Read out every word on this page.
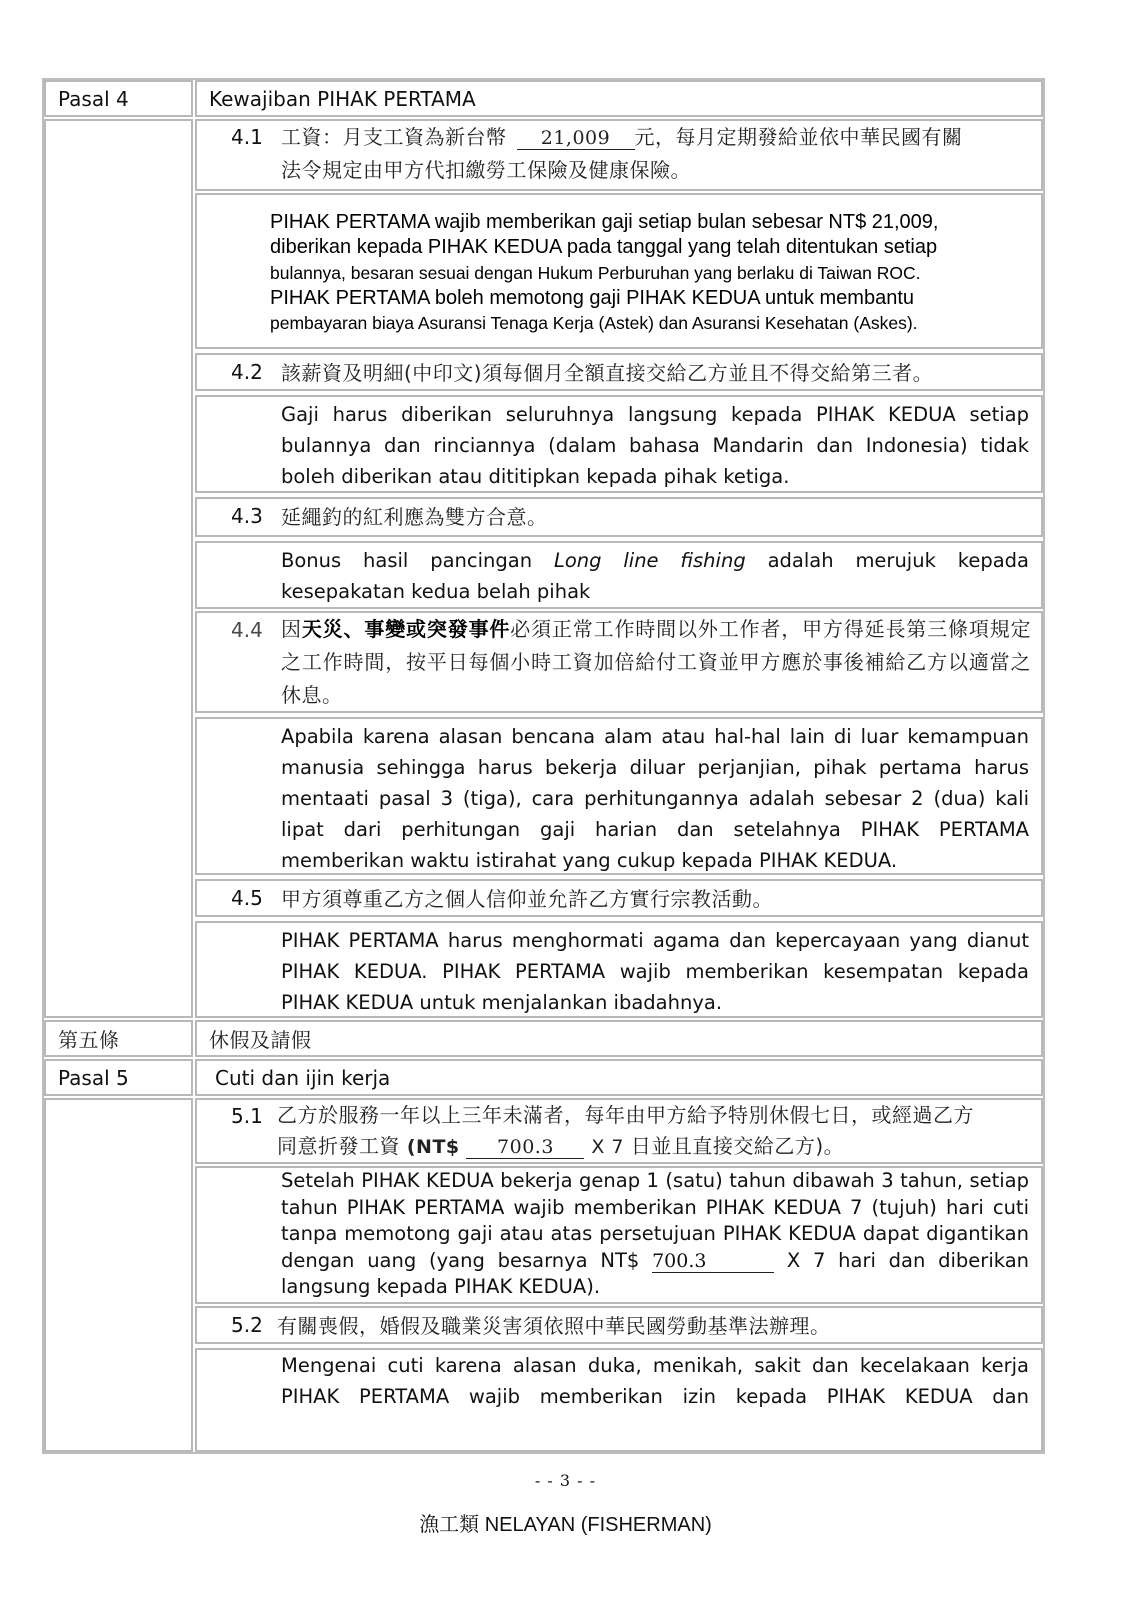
Pasal 4	Kewajiban PIHAK PERTAMA
4.1 工資：月支工資為新台幣 21,009 元，每月定期發給並依中華民國有關
法令規定由甲方代扣繳勞工保險及健康保險。
PIHAK PERTAMA wajib memberikan gaji setiap bulan sebesar NT$ 21,009,
diberikan kepada PIHAK KEDUA pada tanggal yang telah ditentukan setiap
bulannya, besaran sesuai dengan Hukum Perburuhan yang berlaku di Taiwan ROC.
PIHAK PERTAMA boleh memotong gaji PIHAK KEDUA untuk membantu
pembayaran biaya Asuransi Tenaga Kerja (Astek) dan Asuransi Kesehatan (Askes).
4.2 該薪資及明細(中印文)須每個月全額直接交給乙方並且不得交給第三者。
Gaji harus diberikan seluruhnya langsung kepada PIHAK KEDUA setiap bulannya dan rinciannya (dalam bahasa Mandarin dan Indonesia) tidak boleh diberikan atau dititipkan kepada pihak ketiga.
4.3 延繩釣的紅利應為雙方合意。
Bonus hasil pancingan Long line fishing adalah merujuk kepada kesepakatan kedua belah pihak
4.4 因天災、事變或突發事件必須正常工作時間以外工作者，甲方得延長第三條項規定之工作時間，按平日每個小時工資加倍給付工資並甲方應於事後補給乙方以適當之休息。
Apabila karena alasan bencana alam atau hal-hal lain di luar kemampuan manusia sehingga harus bekerja diluar perjanjian, pihak pertama harus mentaati pasal 3 (tiga), cara perhitungannya adalah sebesar 2 (dua) kali lipat dari perhitungan gaji harian dan setelahnya PIHAK PERTAMA memberikan waktu istirahat yang cukup kepada PIHAK KEDUA.
4.5 甲方須尊重乙方之個人信仰並允許乙方實行宗教活動。
PIHAK PERTAMA harus menghormati agama dan kepercayaan yang dianut PIHAK KEDUA. PIHAK PERTAMA wajib memberikan kesempatan kepada PIHAK KEDUA untuk menjalankan ibadahnya.
第五條	休假及請假
Pasal 5	Cuti dan ijin kerja
5.1 乙方於服務一年以上三年未滿者，每年由甲方給予特別休假七日，或經過乙方
同意折發工資 (NT$ 700.3 X 7 日並且直接交給乙方)。
Setelah PIHAK KEDUA bekerja genap 1 (satu) tahun dibawah 3 tahun, setiap tahun PIHAK PERTAMA wajib memberikan PIHAK KEDUA 7 (tujuh) hari cuti tanpa memotong gaji atau atas persetujuan PIHAK KEDUA dapat digantikan dengan uang (yang besarnya NT$ 700.3	X 7 hari dan diberikan langsung kepada PIHAK KEDUA).
5.2 有關喪假，婚假及職業災害須依照中華民國勞動基準法辦理。
Mengenai cuti karena alasan duka, menikah, sakit dan kecelakaan kerja PIHAK PERTAMA wajib memberikan izin kepada PIHAK KEDUA dan
- - 3 - -
漁工類 NELAYAN (FISHERMAN)
